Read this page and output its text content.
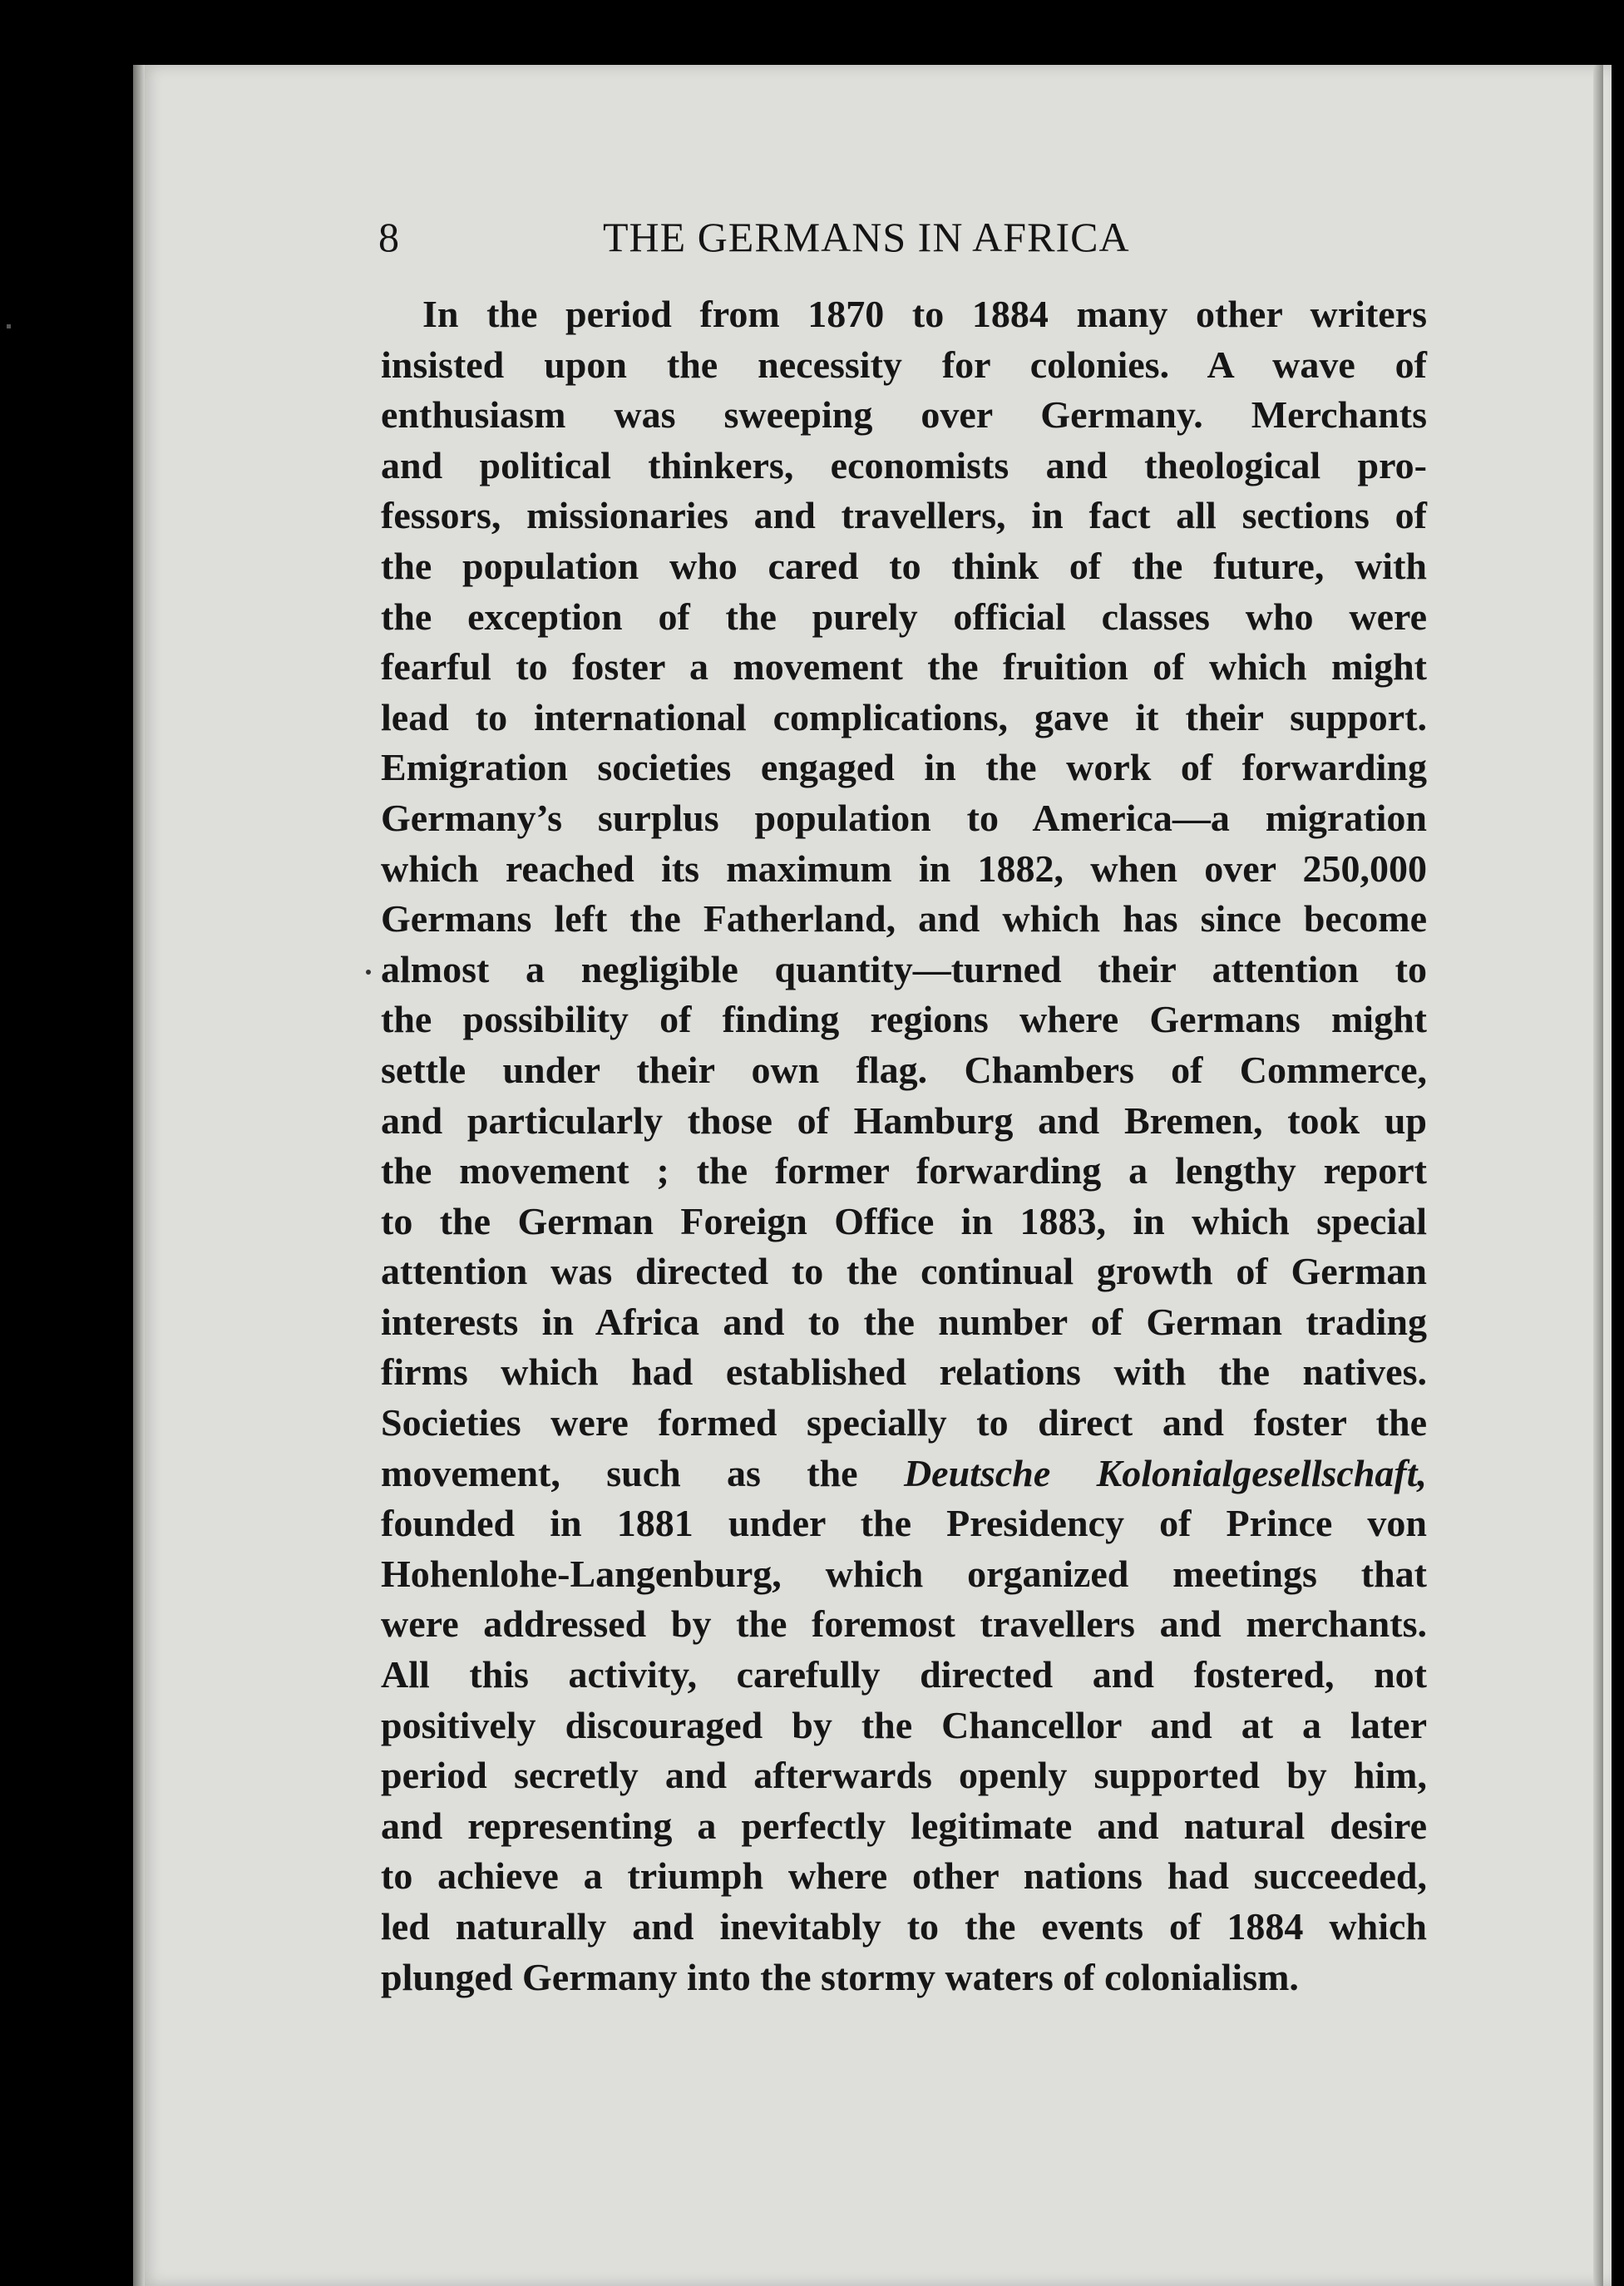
8	THE GERMANS IN AFRICA
In the period from 1870 to 1884 many other writers
insisted upon the necessity for colonies. A wave of
enthusiasm was sweeping over Germany. Merchants
and political thinkers, economists and theological pro-
fessors, missionaries and travellers, in fact all sections of
the population who cared to think of the future, with
the exception of the purely official classes who were
fearful to foster a movement the fruition of which might
lead to international complications, gave it their support.
Emigration societies engaged in the work of forwarding
Germany’s surplus population to America—a migration
which reached its maximum in 1882, when over 250,000
Germans left the Fatherland, and which has since become
almost a negligible quantity—turned their attention to
the possibility of finding regions where Germans might
settle under their own flag. Chambers of Commerce,
and particularly those of Hamburg and Bremen, took up
the movement ; the former forwarding a lengthy report
to the German Foreign Office in 1883, in which special
attention was directed to the continual growth of German
interests in Africa and to the number of German trading
firms which had established relations with the natives.
Societies were formed specially to direct and foster the
movement, such as the Deutsche Kolonialgesellschaft,
founded in 1881 under the Presidency of Prince von
Hohenlohe-Langenburg, which organized meetings that
were addressed by the foremost travellers and merchants.
All this activity, carefully directed and fostered, not
positively discouraged by the Chancellor and at a later
period secretly and afterwards openly supported by him,
and representing a perfectly legitimate and natural desire
to achieve a triumph where other nations had succeeded,
led naturally and inevitably to the events of 1884 which
plunged Germany into the stormy waters of colonialism.
